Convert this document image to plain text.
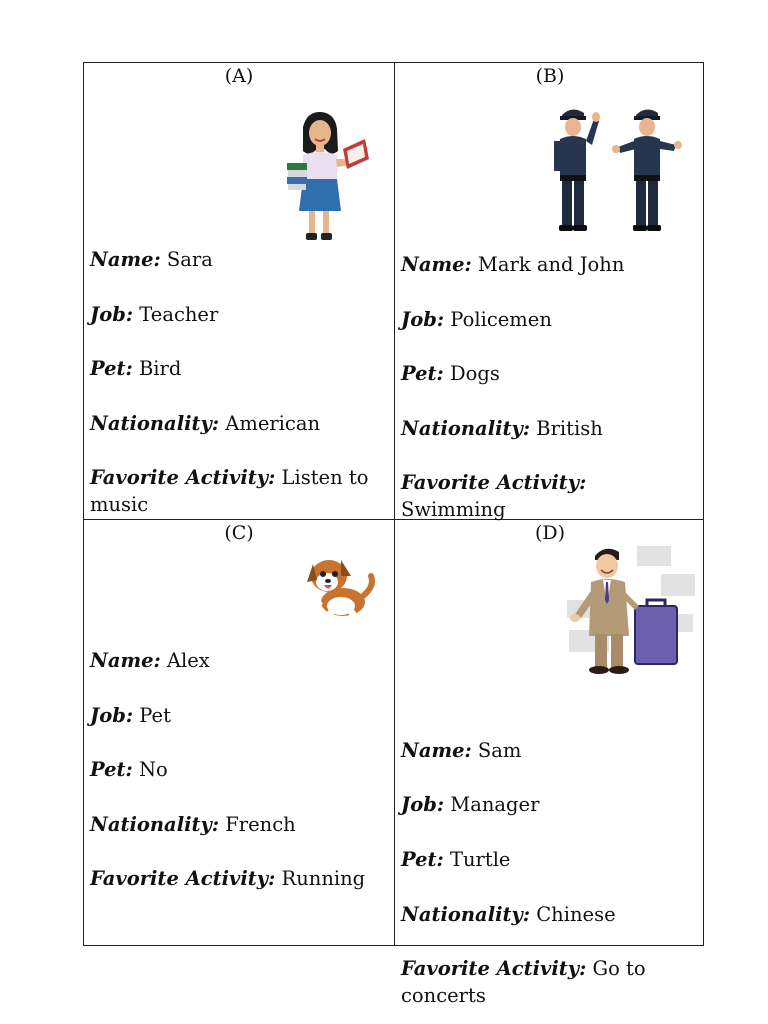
(A)
Name: Sara
Job: Teacher
Pet: Bird
Nationality: American
Favorite Activity: Listen to music
(B)
Name: Mark and John
Job: Policemen
Pet: Dogs
Nationality: British
Favorite Activity: Swimming
(C)
Name: Alex
Job: Pet
Pet: No
Nationality: French
Favorite Activity: Running
(D)
Name: Sam
Job: Manager
Pet: Turtle
Nationality: Chinese
Favorite Activity: Go to concerts
